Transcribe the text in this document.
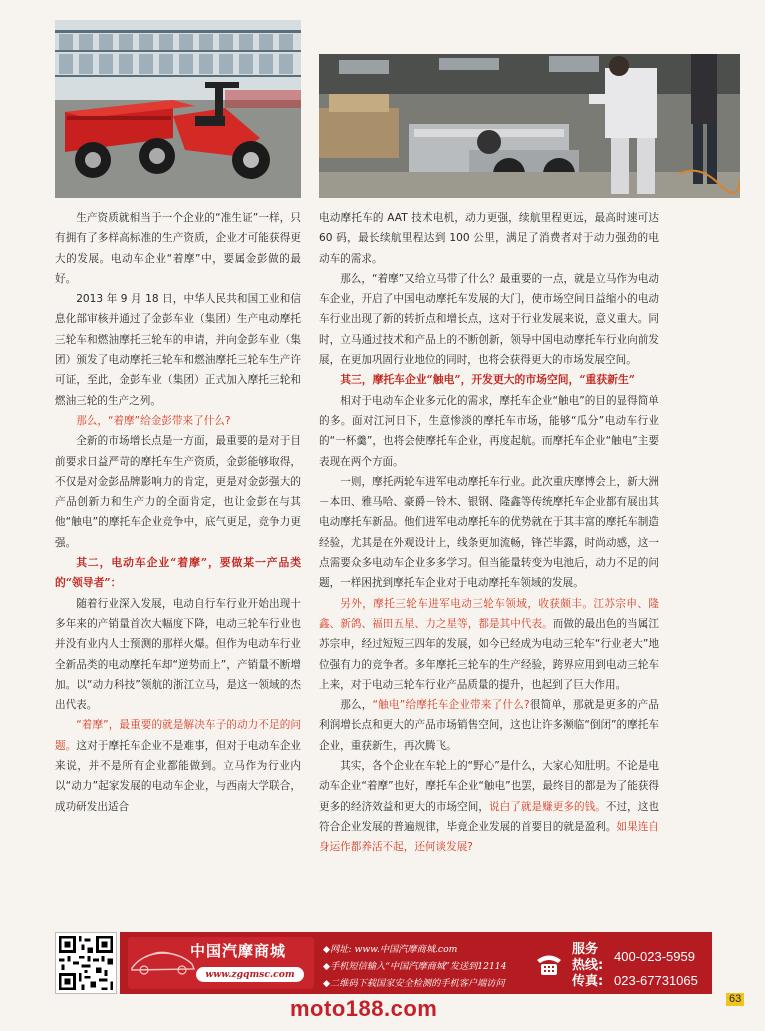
生产资质就相当于一个企业的“准生证”一样，只有拥有了多样高标准的生产资质，企业才可能获得更大的发展。电动车企业“着摩”中，要属金彭做的最好。

2013 年 9 月 18 日，中华人民共和国工业和信息化部审核并通过了金彭车业（集团）生产电动摩托三轮车和燃油摩托三轮车的申请，并向金彭车业（集团）颁发了电动摩托三轮车和燃油摩托三轮车生产许可证，至此，金彭车业（集团）正式加入摩托三轮和燃油三轮的生产之列。

那么，“着摩”给金彭带来了什么?

全新的市场增长点是一方面，最重要的是对于目前要求日益严苛的摩托车生产资质，金彭能够取得，不仅是对金彭品牌影响力的肯定，更是对金彭强大的产品创新力和生产力的全面肯定，也让金彭在与其他“触电”的摩托车企业竞争中，底气更足，竞争力更强。

其二，电动车企业“着摩”，要做某一产品类的“领导者”：

随着行业深入发展，电动自行车行业开始出现十多年来的产销量首次大幅度下降，电动三轮车行业也并没有业内人士预测的那样火爆。但作为电动车行业全新品类的电动摩托车却“逆势而上”，产销量不断增加。以“动力科技”领航的浙江立马，是这一领域的杰出代表。

“着摩”，最重要的就是解决车子的动力不足的问题。这对于摩托车企业不是难事，但对于电动车企业来说，并不是所有企业都能做到。立马作为行业内以“动力”起家发展的电动车企业，与西南大学联合，成功研发出适合

电动摩托车的 AAT 技术电机，动力更强，续航里程更远，最高时速可达 60 码，最长续航里程达到 100 公里，满足了消费者对于动力强劲的电动车的需求。

那么，“着摩”又给立马带了什么？最重要的一点，就是立马作为电动车企业，开启了中国电动摩托车发展的大门，使市场空间日益缩小的电动车行业出现了新的转折点和增长点，这对于行业发展来说，意义重大。同时，立马通过技术和产品上的不断创新，领导中国电动摩托车行业向前发展，在更加巩固行业地位的同时，也将会获得更大的市场发展空间。

其三，摩托车企业“触电”，开发更大的市场空间，“重获新生”

相对于电动车企业多元化的需求，摩托车企业“触电”的目的显得简单的多。面对江河日下，生意惨淡的摩托车市场，能够“瓜分”电动车行业的“一杯羹”，也将会使摩托车企业，再度起航。而摩托车企业“触电”主要表现在两个方面。

一则，摩托两轮车进军电动摩托车行业。此次重庆摩博会上，新大洲－本田、雅马哈、豪爵－铃木、银钢、隆鑫等传统摩托车企业都有展出其电动摩托车新品。他们进军电动摩托车的优势就在于其丰富的摩托车制造经验，尤其是在外观设计上，线条更加流畅，锋芒毕露，时尚动感，这一点需要众多电动车企业多多学习。但当能量转变为电池后，动力不足的问题，一样困扰到摩托车企业对于电动摩托车领域的发展。

另外，摩托三轮车进军电动三轮车领域，收获颇丰。江苏宗申、隆鑫、新鸽、福田五星、力之星等，都是其中代表。而做的最出色的当属江苏宗申，经过短短三四年的发展，如今已经成为电动三轮车“行业老大”地位强有力的竞争者。多年摩托三轮车的生产经验，跨界应用到电动三轮车上来，对于电动三轮车行业产品质量的提升，也起到了巨大作用。

那么，“触电”给摩托车企业带来了什么?很简单，那就是更多的产品利润增长点和更大的产品市场销售空间，这也让许多濒临“倒闭”的摩托车企业，重获新生，再次腾飞。

其实，各个企业在车轮上的“野心”是什么，大家心知肚明。不论是电动车企业“着摩”也好，摩托车企业“触电”也罢，最终目的都是为了能获得更多的经济效益和更大的市场空间，说白了就是赚更多的钱。不过，这也符合企业发展的普遍规律，毕竟企业发展的首要目的就是盈利。如果连自身运作都养活不起，还何谈发展?

中国汽摩商城
www.zgqmsc.com
◆网址: www.中国汽摩商城.com
◆手机短信输入“中国汽摩商城”发送到12114
◆二维码下载国家安全检测的手机客户端访问
服务
热线:
传真:
400-023-5959
023-67731065
63
moto188.com
